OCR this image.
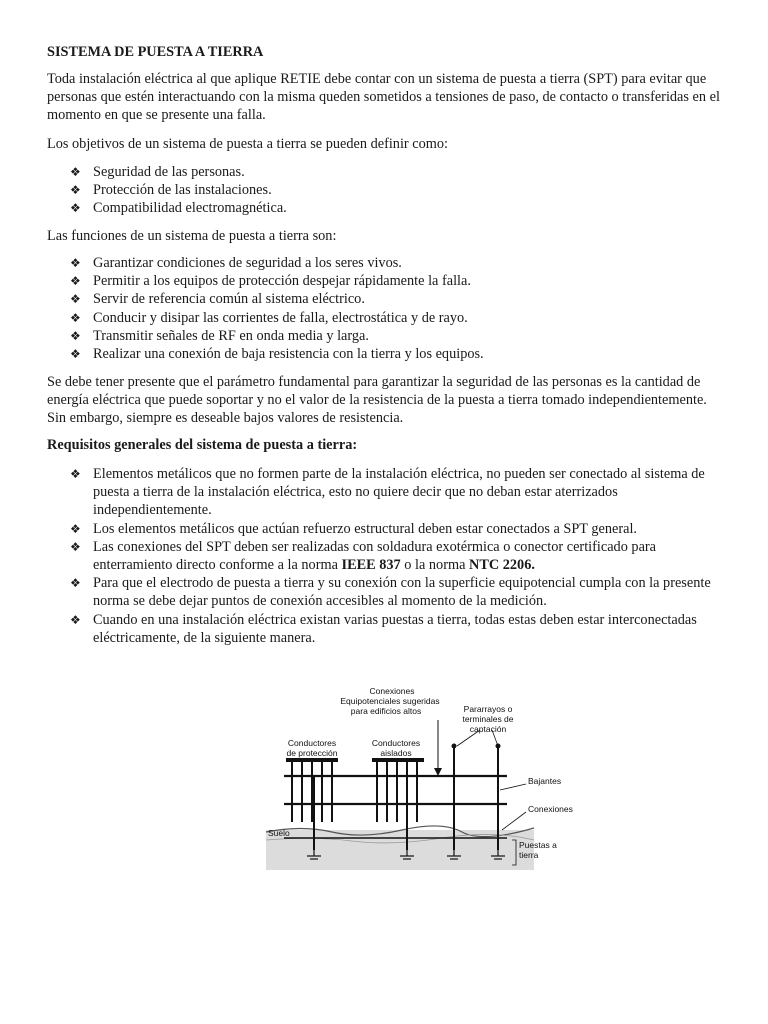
SISTEMA DE PUESTA A TIERRA

Toda instalación eléctrica al que aplique RETIE debe contar con un sistema de puesta a tierra (SPT) para evitar que personas que estén interactuando con la misma queden sometidos a tensiones de paso, de contacto o transferidas en el momento en que se presente una falla.

Los objetivos de un sistema de puesta a tierra se pueden definir como:

❖ Seguridad de las personas.
❖ Protección de las instalaciones.
❖ Compatibilidad electromagnética.

Las funciones de un sistema de puesta a tierra son:

❖ Garantizar condiciones de seguridad a los seres vivos.
❖ Permitir a los equipos de protección despejar rápidamente la falla.
❖ Servir de referencia común al sistema eléctrico.
❖ Conducir y disipar las corrientes de falla, electrostática y de rayo.
❖ Transmitir señales de RF en onda media y larga.
❖ Realizar una conexión de baja resistencia con la tierra y los equipos.

Se debe tener presente que el parámetro fundamental para garantizar la seguridad de las personas es la cantidad de energía eléctrica que puede soportar y no el valor de la resistencia de la puesta a tierra tomado independientemente. Sin embargo, siempre es deseable bajos valores de resistencia.

Requisitos generales del sistema de puesta a tierra:
❖ Elementos metálicos que no formen parte de la instalación eléctrica, no pueden ser conectado al sistema de puesta a tierra de la instalación eléctrica, esto no quiere decir que no deban estar aterrizados independientemente.
❖ Los elementos metálicos que actúan refuerzo estructural deben estar conectados a SPT general.
❖ Las conexiones del SPT deben ser realizadas con soldadura exotérmica o conector certificado para enterramiento directo conforme a la norma IEEE 837 o la norma NTC 2206.
❖ Para que el electrodo de puesta a tierra y su conexión con la superficie equipotencial cumpla con la presente norma se debe dejar puntos de conexión accesibles al momento de la medición.
❖ Cuando en una instalación eléctrica existan varias puestas a tierra, todas estas deben estar interconectadas eléctricamente, de la siguiente manera.
Conexiones
Equipotenciales sugeridas
para edificios altos	Pararrayos o
terminales de
captación
Conductores
de protección
Conductores
aislados
Bajantes
Conexiones
Suelo
Puestas a
tierra
